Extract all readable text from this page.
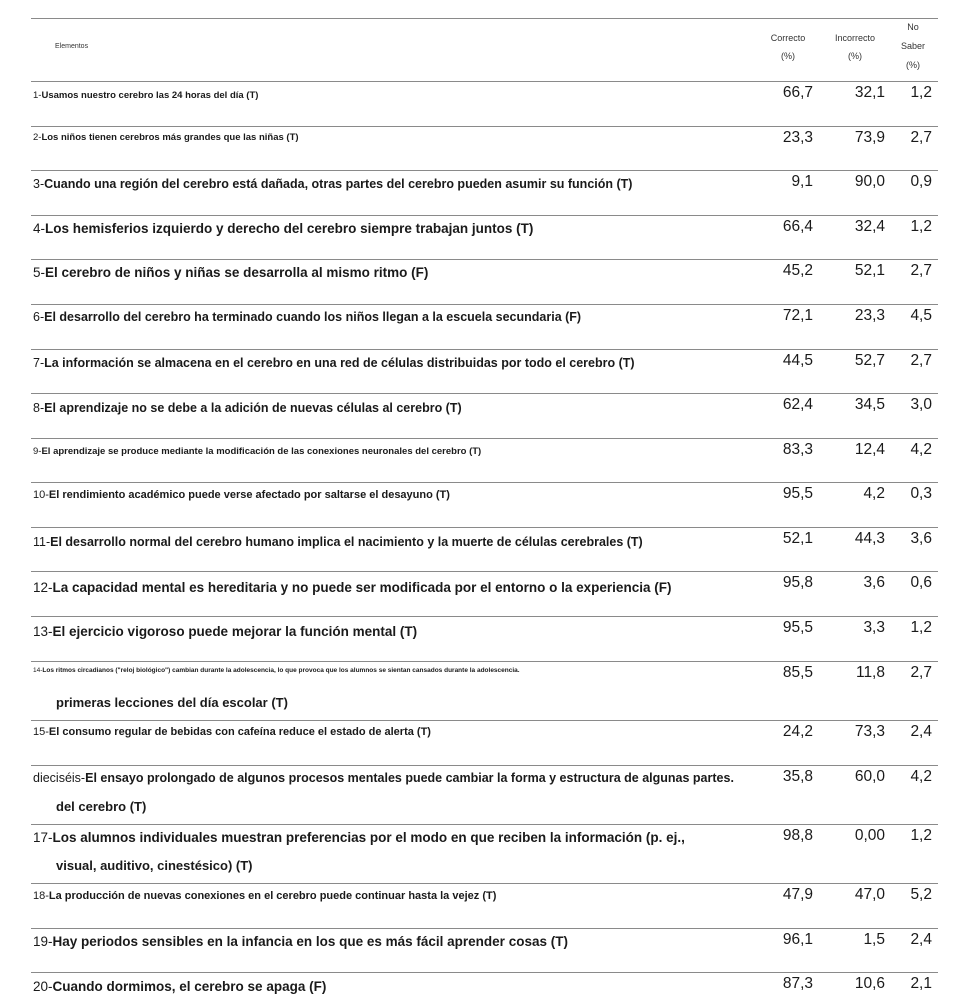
Elementos
Correcto
(%)
Incorrecto
(%)
No
Saber
(%)
1-Usamos nuestro cerebro las 24 horas del día (T)	66,7	32,1	1,2
2-Los niños tienen cerebros más grandes que las niñas (T)	23,3	73,9	2,7
3-Cuando una región del cerebro está dañada, otras partes del cerebro pueden asumir su función (T)	9,1	90,0	0,9
4-Los hemisferios izquierdo y derecho del cerebro siempre trabajan juntos (T)	66,4	32,4	1,2
5-El cerebro de niños y niñas se desarrolla al mismo ritmo (F)	45,2	52,1	2,7
6-El desarrollo del cerebro ha terminado cuando los niños llegan a la escuela secundaria (F)	72,1	23,3	4,5
7-La información se almacena en el cerebro en una red de células distribuidas por todo el cerebro (T)	44,5	52,7	2,7
8-El aprendizaje no se debe a la adición de nuevas células al cerebro (T)	62,4	34,5	3,0
9-El aprendizaje se produce mediante la modificación de las conexiones neuronales del cerebro (T)	83,3	12,4	4,2
10-El rendimiento académico puede verse afectado por saltarse el desayuno (T)	95,5	4,2	0,3
11-El desarrollo normal del cerebro humano implica el nacimiento y la muerte de células cerebrales (T)	52,1	44,3	3,6
12-La capacidad mental es hereditaria y no puede ser modificada por el entorno o la experiencia (F)	95,8	3,6	0,6
13-El ejercicio vigoroso puede mejorar la función mental (T)	95,5	3,3	1,2
14-Los ritmos circadianos ("reloj biológico") cambian durante la adolescencia, lo que provoca que los alumnos se sientan cansados durante la adolescencia.
primeras lecciones del día escolar (T)
85,5	11,8	2,7
15-El consumo regular de bebidas con cafeína reduce el estado de alerta (T)	24,2	73,3	2,4
dieciséis-El ensayo prolongado de algunos procesos mentales puede cambiar la forma y estructura de algunas partes.
del cerebro (T)
35,8	60,0	4,2
17-Los alumnos individuales muestran preferencias por el modo en que reciben la información (p. ej.,
visual, auditivo, cinestésico) (T)
98,8	0,00	1,2
18-La producción de nuevas conexiones en el cerebro puede continuar hasta la vejez (T)	47,9	47,0	5,2
19-Hay periodos sensibles en la infancia en los que es más fácil aprender cosas (T)	96,1	1,5	2,4
20-Cuando dormimos, el cerebro se apaga (F)	87,3	10,6	2,1
